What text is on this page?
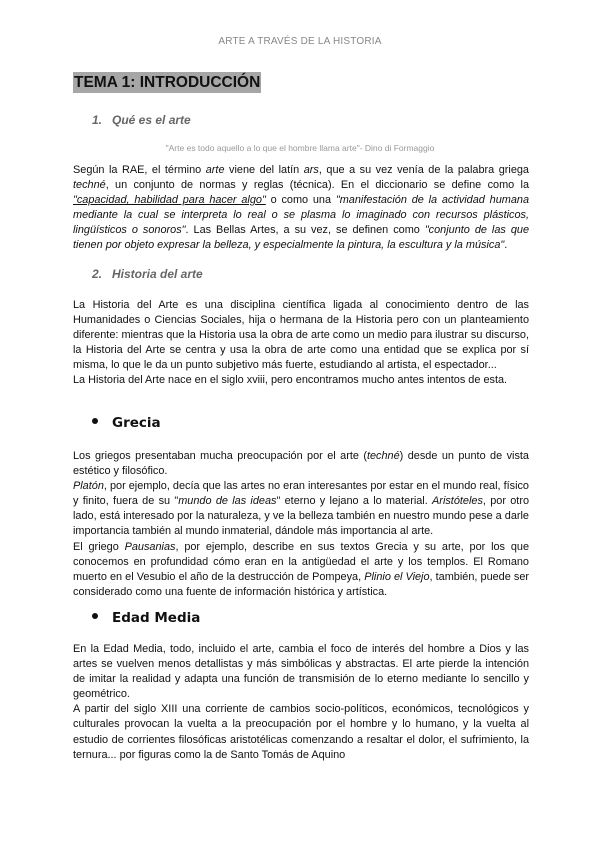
ARTE A TRAVÉS DE LA HISTORIA
TEMA 1: INTRODUCCIÓN
1. Qué es el arte
"Arte es todo aquello a lo que el hombre llama arte"- Dino di Formaggio

Según la RAE, el término arte viene del latín ars, que a su vez venía de la palabra griega techné, un conjunto de normas y reglas (técnica). En el diccionario se define como la "capacidad, habilidad para hacer algo" o como una "manifestación de la actividad humana mediante la cual se interpreta lo real o se plasma lo imaginado con recursos plásticos, lingüísticos o sonoros". Las Bellas Artes, a su vez, se definen como "conjunto de las que tienen por objeto expresar la belleza, y especialmente la pintura, la escultura y la música".

2. Historia del arte

La Historia del Arte es una disciplina científica ligada al conocimiento dentro de las Humanidades o Ciencias Sociales, hija o hermana de la Historia pero con un planteamiento diferente: mientras que la Historia usa la obra de arte como un medio para ilustrar su discurso, la Historia del Arte se centra y usa la obra de arte como una entidad que se explica por sí misma, lo que le da un punto subjetivo más fuerte, estudiando al artista, el espectador...

La Historia del Arte nace en el siglo xviii, pero encontramos mucho antes intentos de esta.

Grecia

Los griegos presentaban mucha preocupación por el arte (techné) desde un punto de vista estético y filosófico.

Platón, por ejemplo, decía que las artes no eran interesantes por estar en el mundo real, físico y finito, fuera de su "mundo de las ideas" eterno y lejano a lo material. Aristóteles, por otro lado, está interesado por la naturaleza, y ve la belleza también en nuestro mundo pese a darle importancia también al mundo inmaterial, dándole más importancia al arte.

El griego Pausanias, por ejemplo, describe en sus textos Grecia y su arte, por los que conocemos en profundidad cómo eran en la antigüedad el arte y los templos. El Romano muerto en el Vesubio el año de la destrucción de Pompeya, Plinio el Viejo, también, puede ser considerado como una fuente de información histórica y artística.

Edad Media

En la Edad Media, todo, incluido el arte, cambia el foco de interés del hombre a Dios y las artes se vuelven menos detallistas y más simbólicas y abstractas. El arte pierde la intención de imitar la realidad y adapta una función de transmisión de lo eterno mediante lo sencillo y geométrico.

A partir del siglo XIII una corriente de cambios socio-políticos, económicos, tecnológicos y culturales provocan la vuelta a la preocupación por el hombre y lo humano, y la vuelta al estudio de corrientes filosóficas aristotélicas comenzando a resaltar el dolor, el sufrimiento, la ternura... por figuras como la de Santo Tomás de Aquino
